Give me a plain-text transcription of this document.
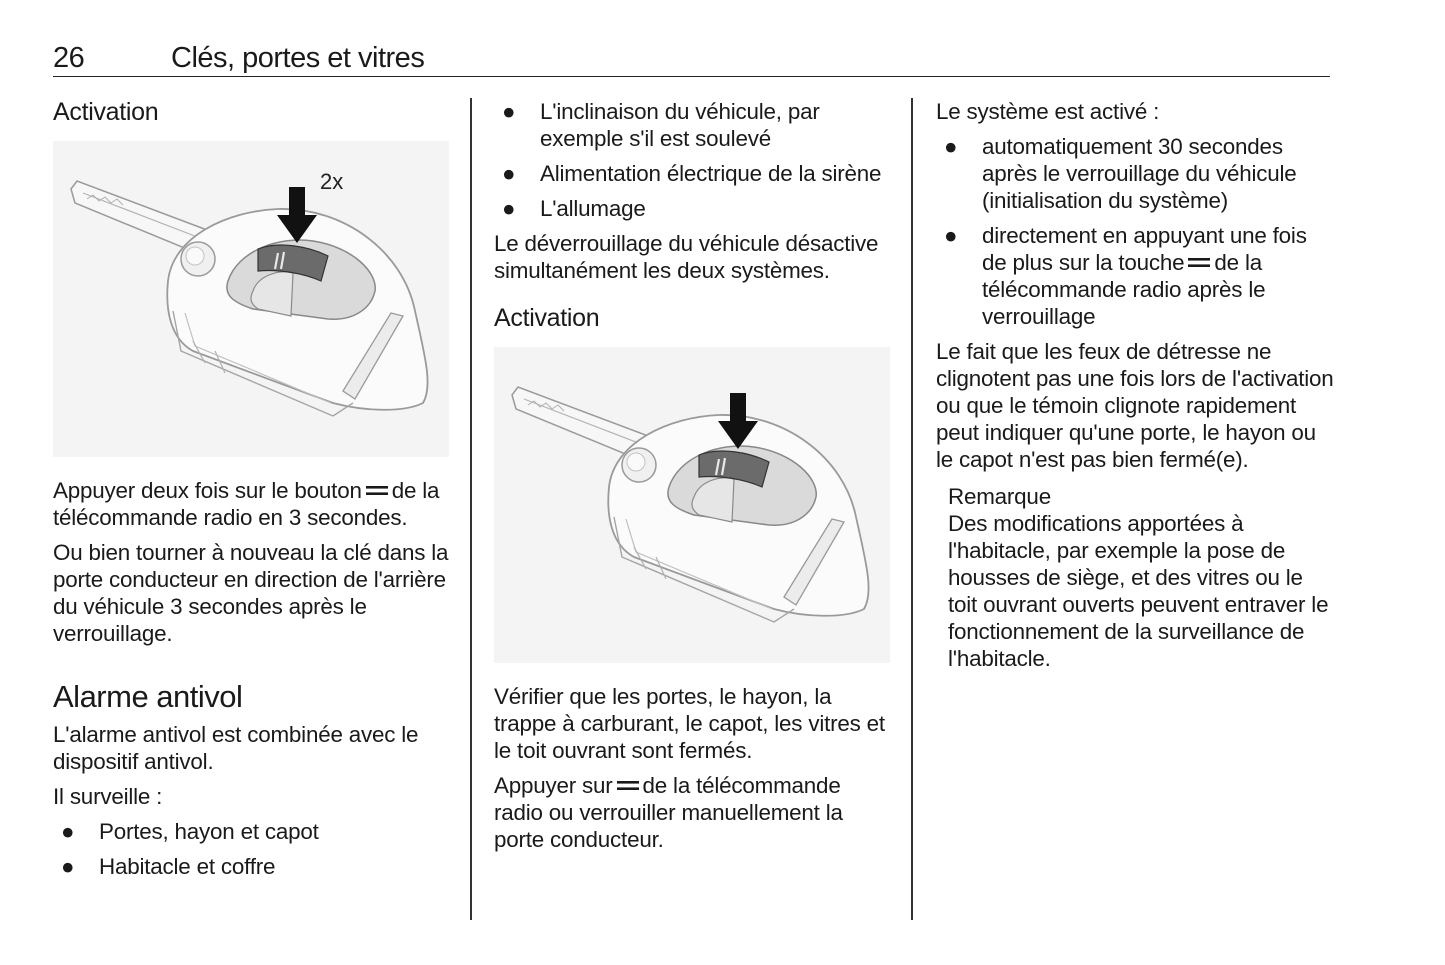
26	Clés, portes et vitres
Activation
2x

Appuyer deux fois sur le bouton de la télécommande radio en 3 secondes.

Ou bien tourner à nouveau la clé dans la porte conducteur en direction de l'arrière du véhicule 3 secondes après le verrouillage.

Alarme antivol

L'alarme antivol est combinée avec le dispositif antivol.

Il surveille :

● Portes, hayon et capot
● Habitacle et coffre
● L'inclinaison du véhicule, par exemple s'il est soulevé
● Alimentation électrique de la sirène
● L'allumage

Le déverrouillage du véhicule désactive simultanément les deux systèmes.

Activation

Vérifier que les portes, le hayon, la trappe à carburant, le capot, les vitres et le toit ouvrant sont fermés.

Appuyer sur de la télécommande radio ou verrouiller manuellement la porte conducteur.

Le système est activé :

● automatiquement 30 secondes après le verrouillage du véhicule (initialisation du système)
● directement en appuyant une fois de plus sur la touche de la télécommande radio après le verrouillage

Le fait que les feux de détresse ne clignotent pas une fois lors de l'activation ou que le témoin clignote rapidement peut indiquer qu'une porte, le hayon ou le capot n'est pas bien fermé(e).

Remarque

Des modifications apportées à l'habitacle, par exemple la pose de housses de siège, et des vitres ou le toit ouvrant ouverts peuvent entraver le fonctionnement de la surveillance de l'habitacle.
